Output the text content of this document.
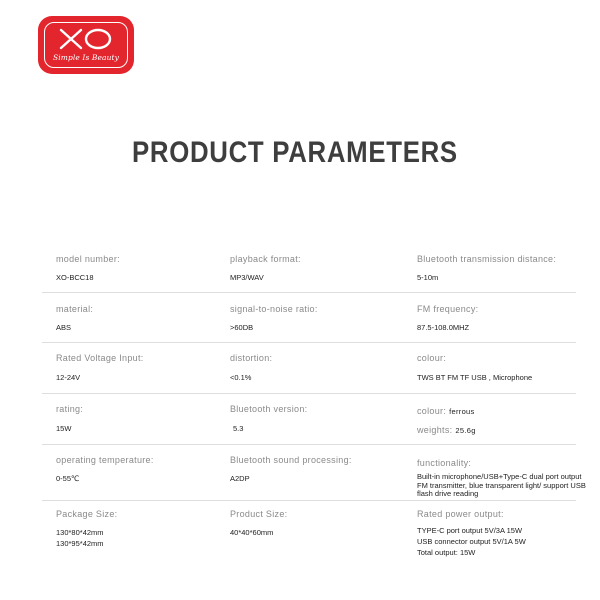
Simple Is Beauty
PRODUCT PARAMETERS
model number:
XO-BCC18
playback format:
MP3/WAV
Bluetooth transmission distance:
5-10m
material:
ABS
signal-to-noise ratio:
>60DB
FM frequency:
87.5-108.0MHZ
Rated Voltage Input:
12-24V
distortion:
<0.1%
colour:
TWS BT FM TF USB , Microphone
rating:
15W
Bluetooth version:
5.3
colour: ferrous
weights: 25.6g
operating temperature:
0-55℃
Bluetooth sound processing:
A2DP
functionality:
Built-in microphone/USB+Type-C dual port output FM transmitter, blue transparent light/ support USB flash drive reading
Package Size:
130*80*42mm
130*95*42mm
Product Size:
40*40*60mm
Rated power output:
TYPE-C port output 5V/3A 15W
USB connector output 5V/1A 5W
Total output: 15W
